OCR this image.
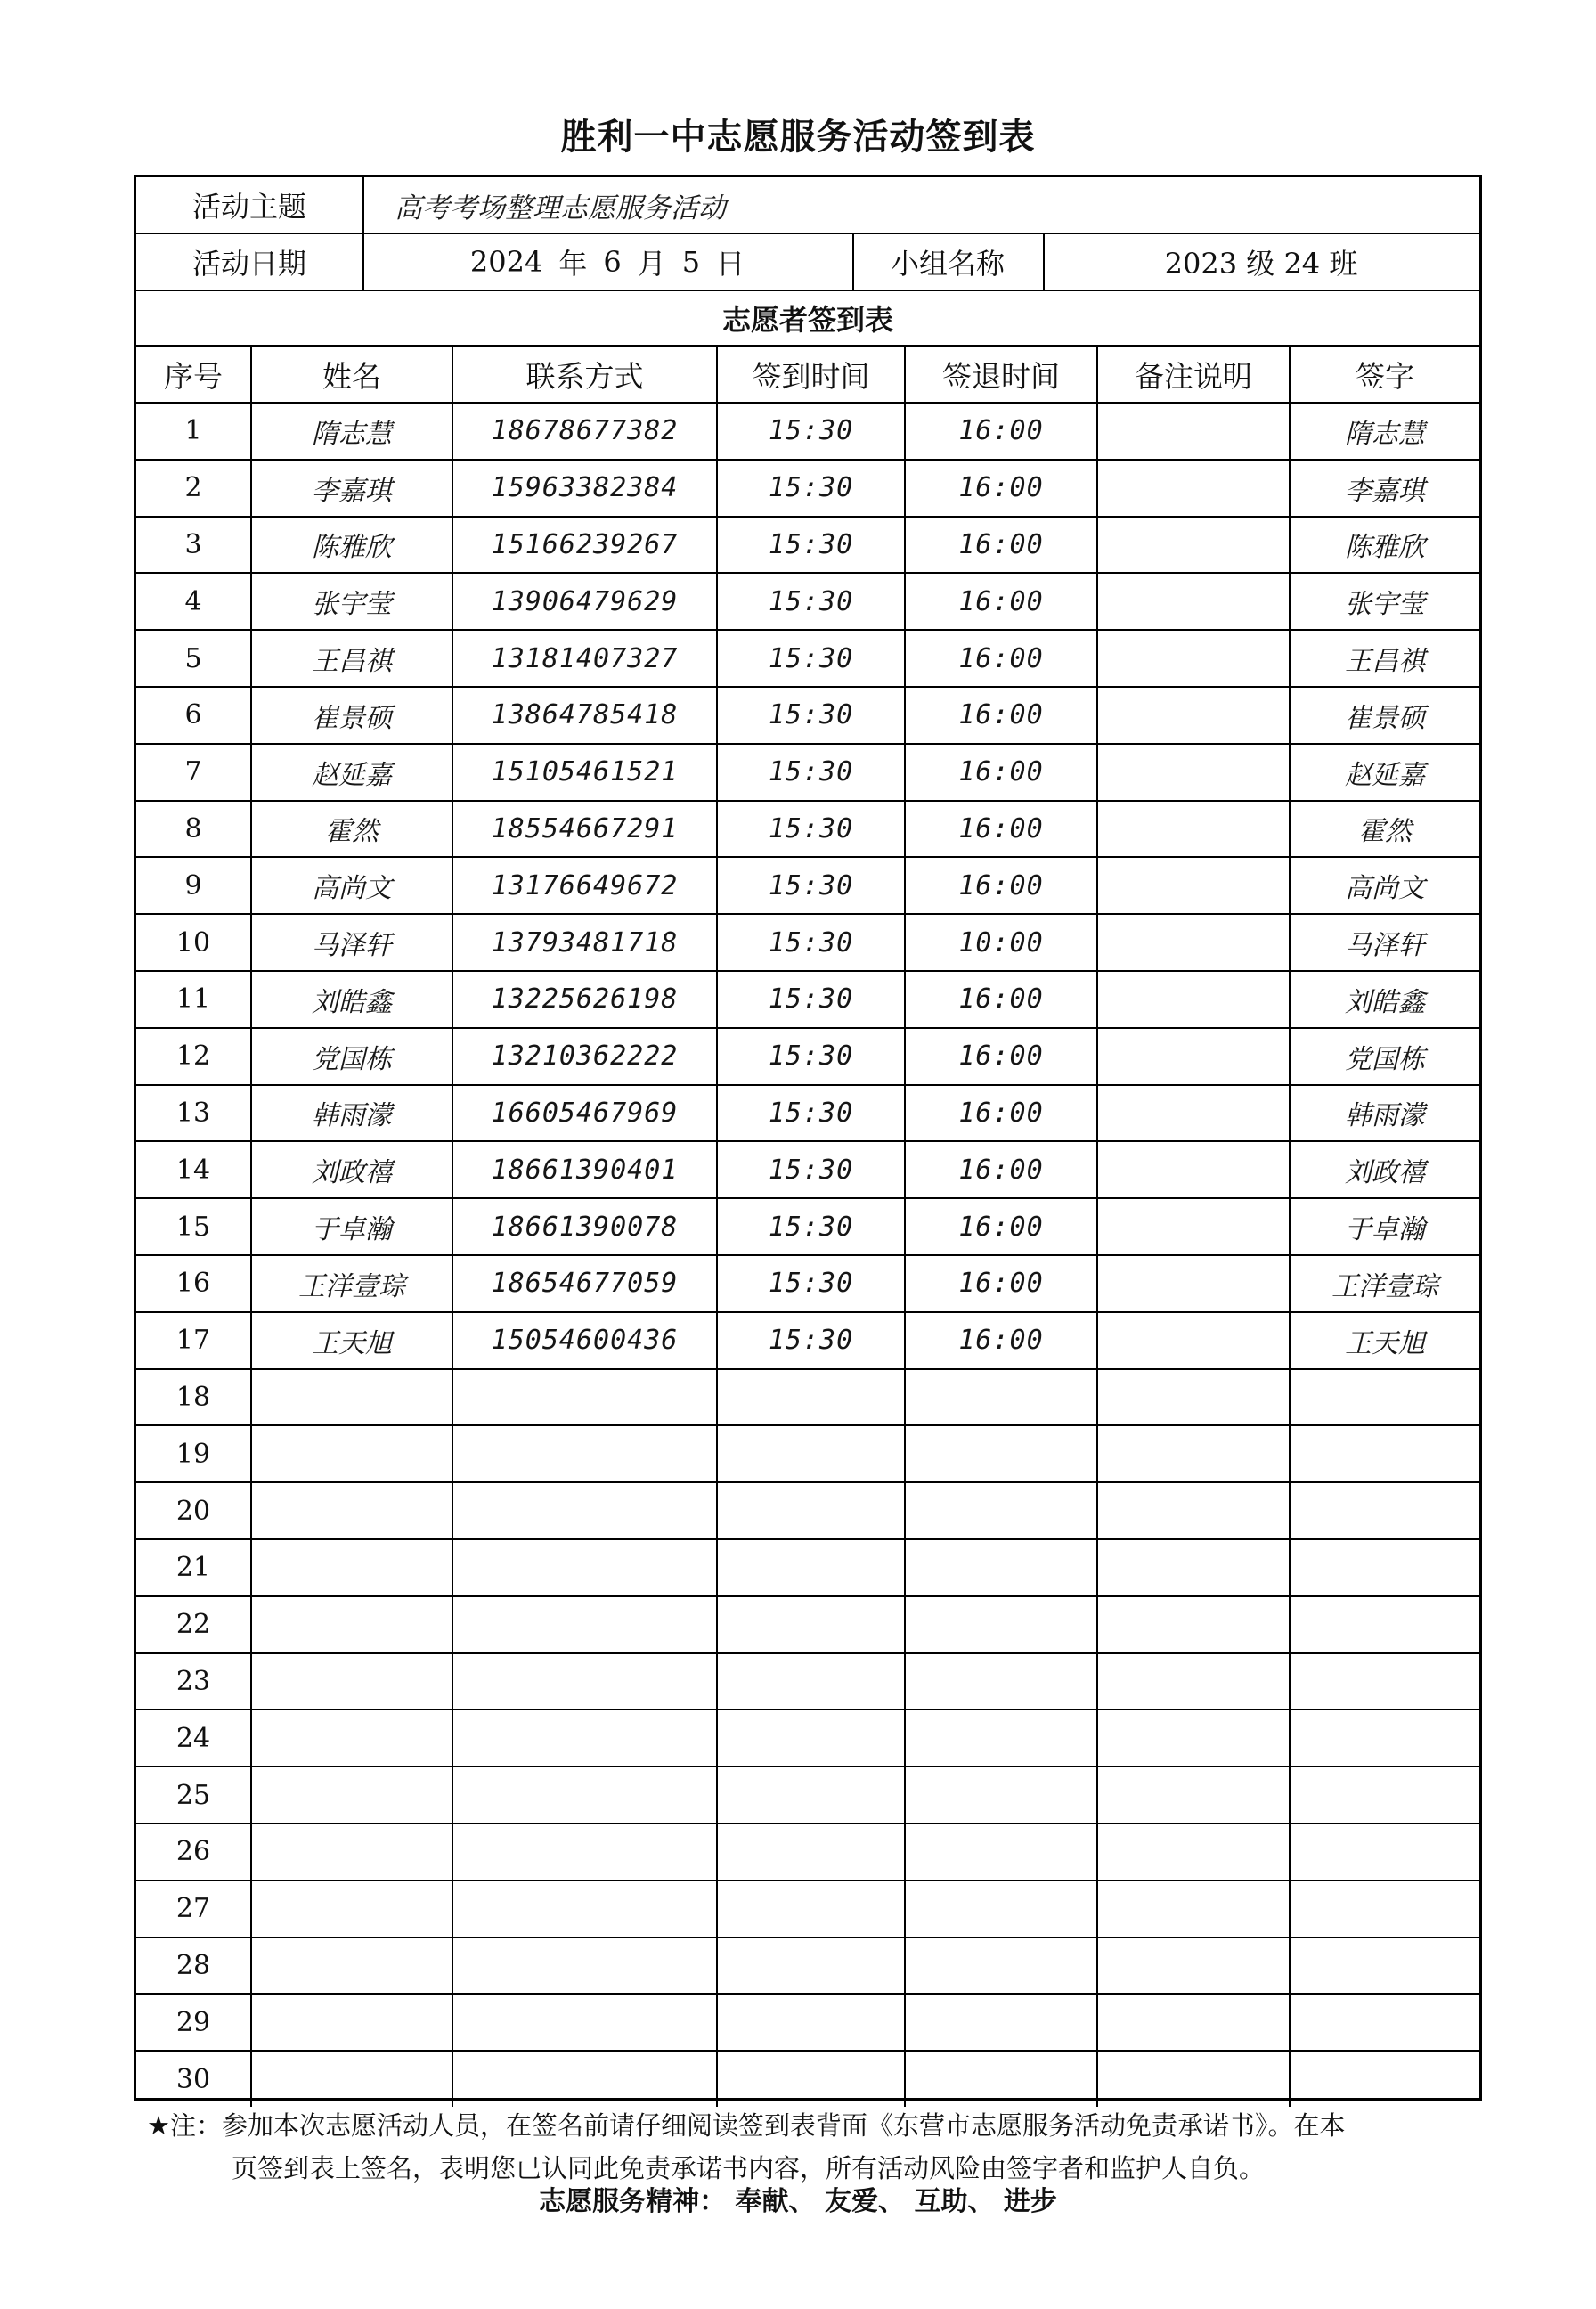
胜利一中志愿服务活动签到表
活动主题	高考考场整理志愿服务活动
活动日期	2024 年 6 月 5 日	小组名称	2023 级 24 班
志愿者签到表
序号	姓名	联系方式	签到时间	签退时间	备注说明	签字
1	隋志慧	18678677382	15:30	16:00		隋志慧
2	李嘉琪	15963382384	15:30	16:00		李嘉琪
3	陈雅欣	15166239267	15:30	16:00		陈雅欣
4	张宇莹	13906479629	15:30	16:00		张宇莹
5	王昌祺	13181407327	15:30	16:00		王昌祺
6	崔景硕	13864785418	15:30	16:00		崔景硕
7	赵延嘉	15105461521	15:30	16:00		赵延嘉
8	霍然	18554667291	15:30	16:00		霍然
9	高尚文	13176649672	15:30	16:00		高尚文
10	马泽轩	13793481718	15:30	10:00		马泽轩
11	刘皓鑫	13225626198	15:30	16:00		刘皓鑫
12	党国栋	13210362222	15:30	16:00		党国栋
13	韩雨濛	16605467969	15:30	16:00		韩雨濛
14	刘政禧	18661390401	15:30	16:00		刘政禧
15	于卓瀚	18661390078	15:30	16:00		于卓瀚
16	王洋壹琮	18654677059	15:30	16:00		王洋壹琮
17	王天旭	15054600436	15:30	16:00		王天旭
18						
19						
20						
21						
22						
23						
24						
25						
26						
27						
28						
29						
30						
★注：参加本次志愿活动人员，在签名前请仔细阅读签到表背面《东营市志愿服务活动免责承诺书》。在本
页签到表上签名，表明您已认同此免责承诺书内容，所有活动风险由签字者和监护人自负。
志愿服务精神： 奉献、 友爱、 互助、 进步
